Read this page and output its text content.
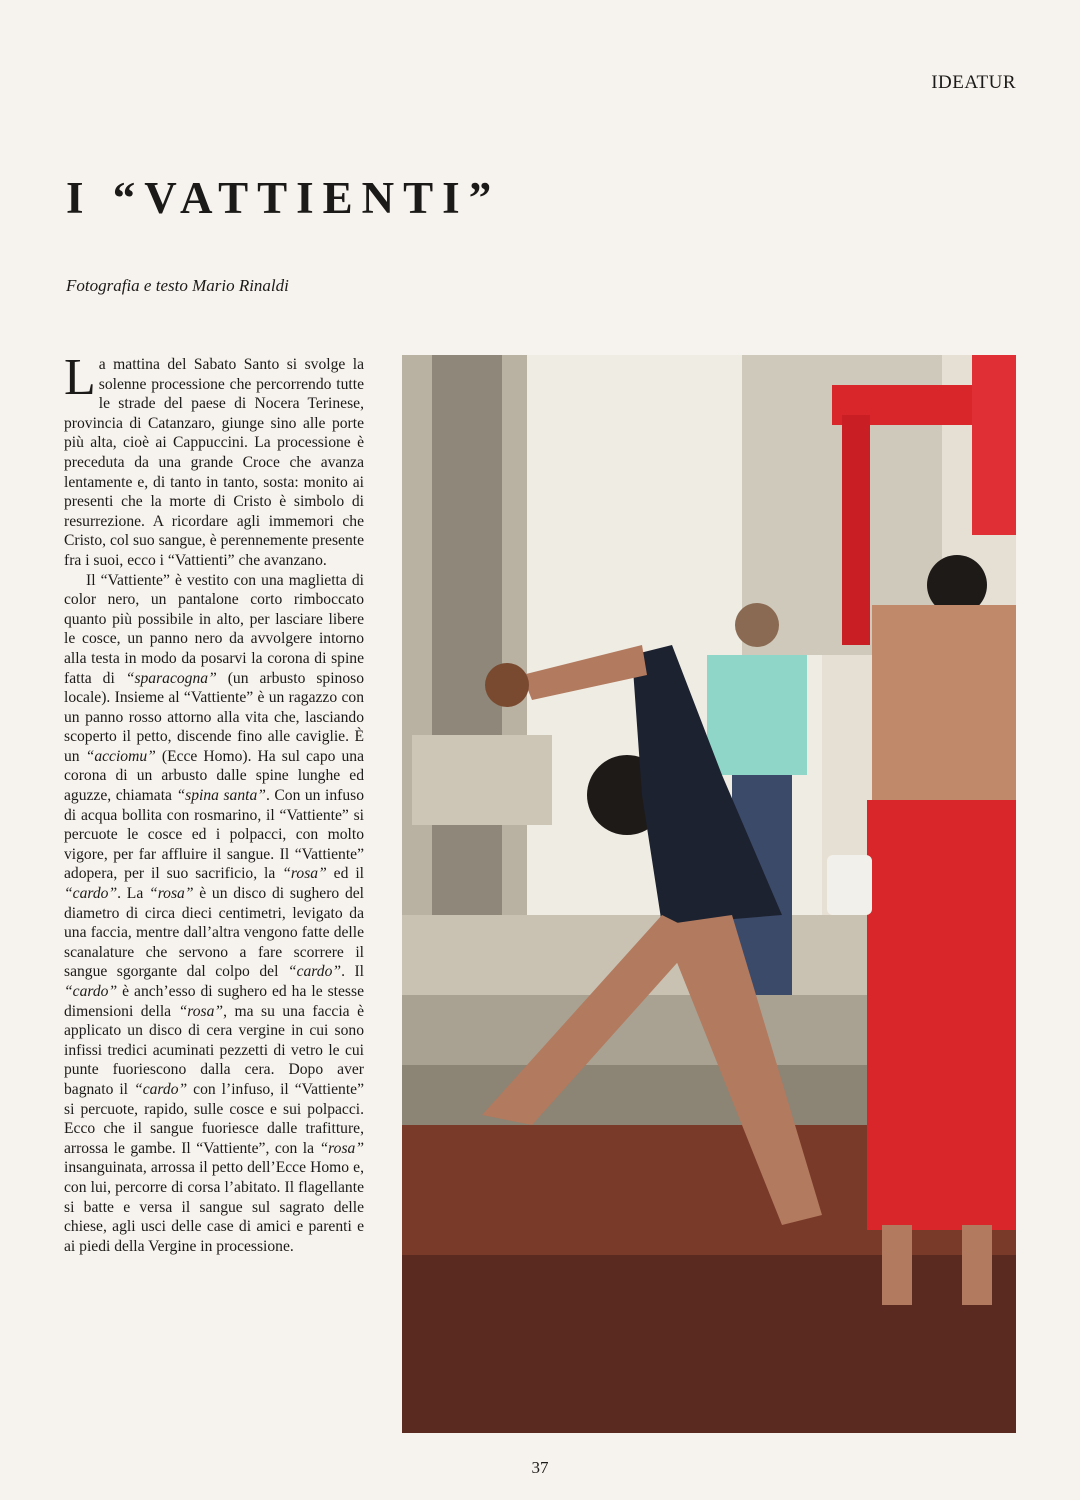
IDEATUR
I “VATTIENTI”
Fotografia e testo Mario Rinaldi

La mattina del Sabato Santo si svolge la solenne processione che percorrendo tutte le strade del paese di Nocera Terinese, provincia di Catanzaro, giunge sino alle porte più alta, cioè ai Cappuccini. La processione è preceduta da una grande Croce che avanza lentamente e, di tanto in tanto, sosta: monito ai presenti che la morte di Cristo è simbolo di resurrezione. A ricordare agli immemori che Cristo, col suo sangue, è perennemente presente fra i suoi, ecco i “Vattienti” che avanzano.

Il “Vattiente” è vestito con una maglietta di color nero, un pantalone corto rimboccato quanto più possibile in alto, per lasciare libere le cosce, un panno nero da avvolgere intorno alla testa in modo da posarvi la corona di spine fatta di “sparacogna” (un arbusto spinoso locale). Insieme al “Vattiente” è un ragazzo con un panno rosso attorno alla vita che, lasciando scoperto il petto, discende fino alle caviglie. È un “acciomu” (Ecce Homo). Ha sul capo una corona di un arbusto dalle spine lunghe ed aguzze, chiamata “spina santa”. Con un infuso di acqua bollita con rosmarino, il “Vattiente” si percuote le cosce ed i polpacci, con molto vigore, per far affluire il sangue. Il “Vattiente” adopera, per il suo sacrificio, la “rosa” ed il “cardo”. La “rosa” è un disco di sughero del diametro di circa dieci centimetri, levigato da una faccia, mentre dall’altra vengono fatte delle scanalature che servono a fare scorrere il sangue sgorgante dal colpo del “cardo”. Il “cardo” è anch’esso di sughero ed ha le stesse dimensioni della “rosa”, ma su una faccia è applicato un disco di cera vergine in cui sono infissi tredici acuminati pezzetti di vetro le cui punte fuoriescono dalla cera. Dopo aver bagnato il “cardo” con l’infuso, il “Vattiente” si percuote, rapido, sulle cosce e sui polpacci. Ecco che il sangue fuoriesce dalle trafitture, arrossa le gambe. Il “Vattiente”, con la “rosa” insanguinata, arrossa il petto dell’Ecce Homo e, con lui, percorre di corsa l’abitato. Il flagellante si batte e versa il sangue sul sagrato delle chiese, agli usci delle case di amici e parenti e ai piedi della Vergine in processione.

37
